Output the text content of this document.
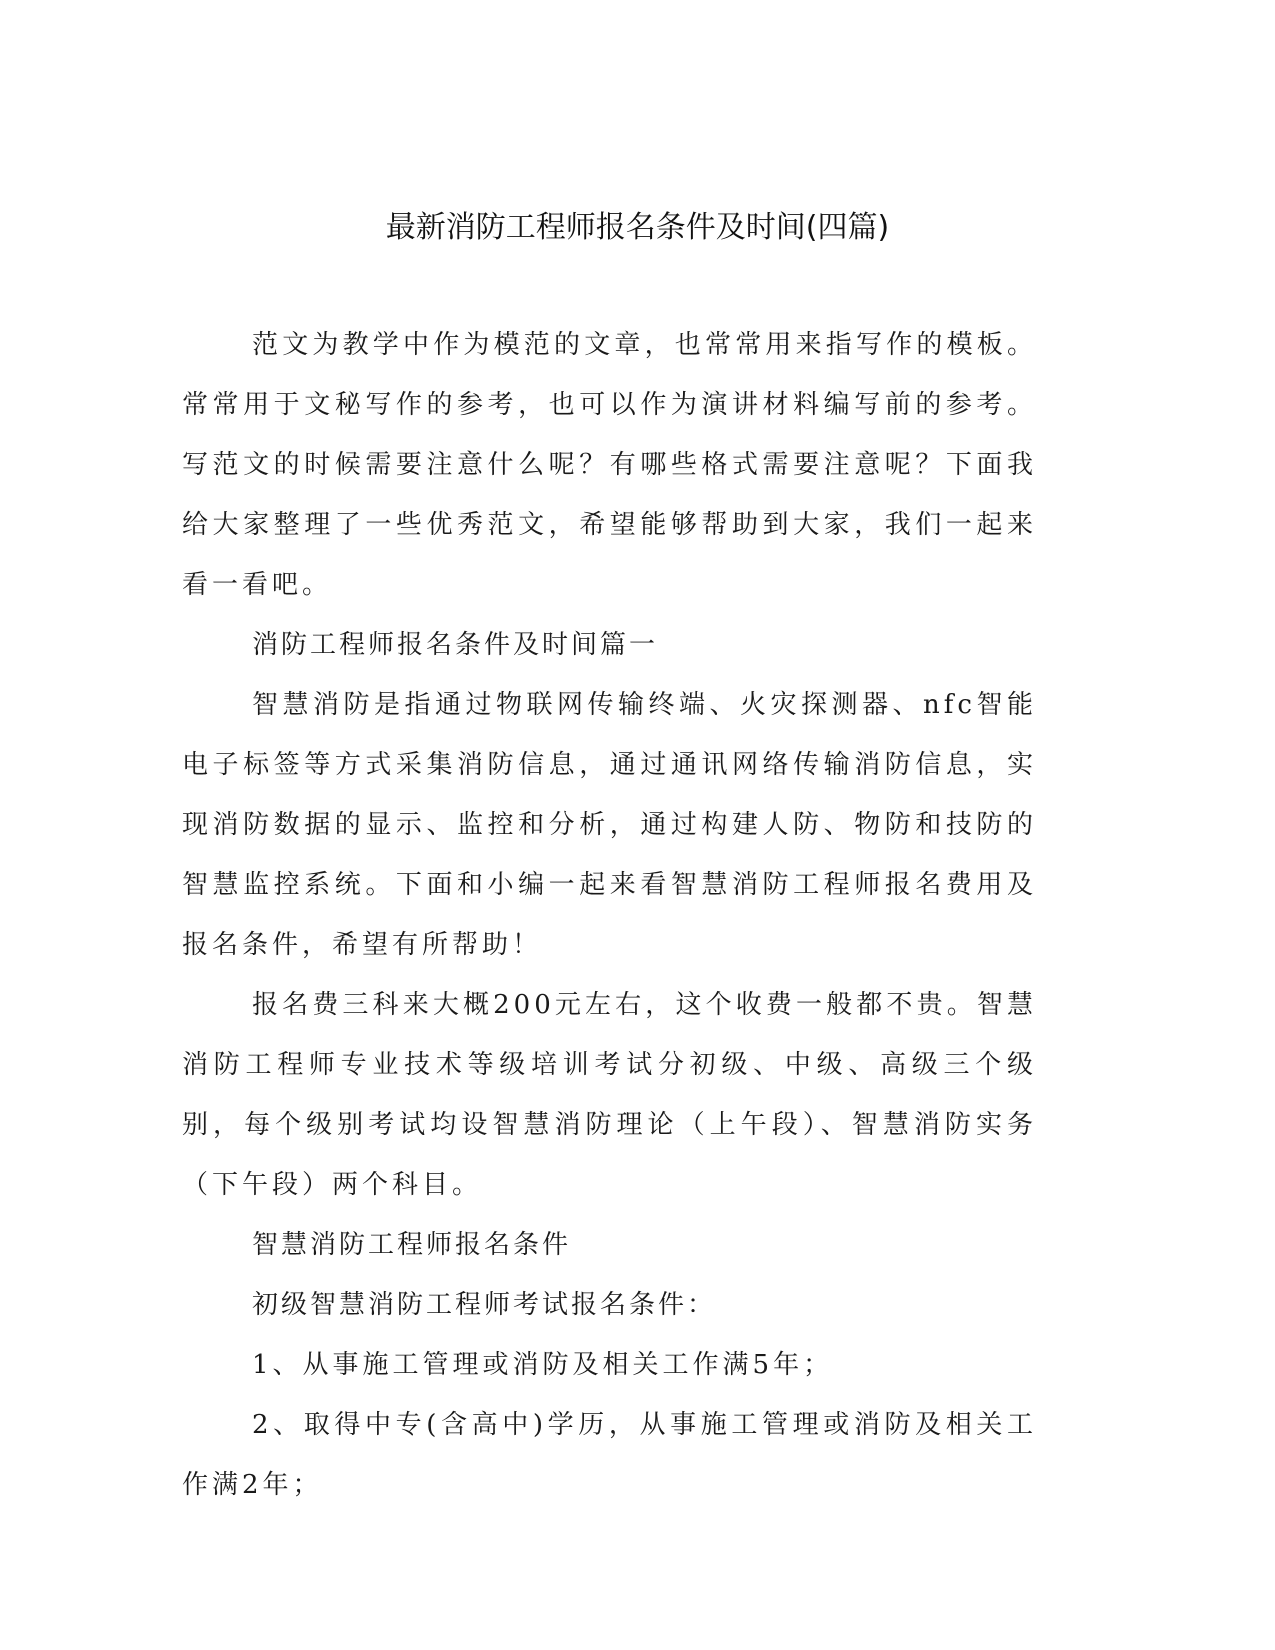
最新消防工程师报名条件及时间(四篇)

范文为教学中作为模范的文章，也常常用来指写作的模板。常常用于文秘写作的参考，也可以作为演讲材料编写前的参考。写范文的时候需要注意什么呢？有哪些格式需要注意呢？下面我给大家整理了一些优秀范文，希望能够帮助到大家，我们一起来看一看吧。

消防工程师报名条件及时间篇一

智慧消防是指通过物联网传输终端、火灾探测器、nfc智能电子标签等方式采集消防信息，通过通讯网络传输消防信息，实现消防数据的显示、监控和分析，通过构建人防、物防和技防的智慧监控系统。下面和小编一起来看智慧消防工程师报名费用及报名条件，希望有所帮助！

报名费三科来大概200元左右，这个收费一般都不贵。智慧消防工程师专业技术等级培训考试分初级、中级、高级三个级别，每个级别考试均设智慧消防理论（上午段）、智慧消防实务（下午段）两个科目。

智慧消防工程师报名条件

初级智慧消防工程师考试报名条件：

1、从事施工管理或消防及相关工作满5年；

2、取得中专(含高中)学历，从事施工管理或消防及相关工作满2年；
